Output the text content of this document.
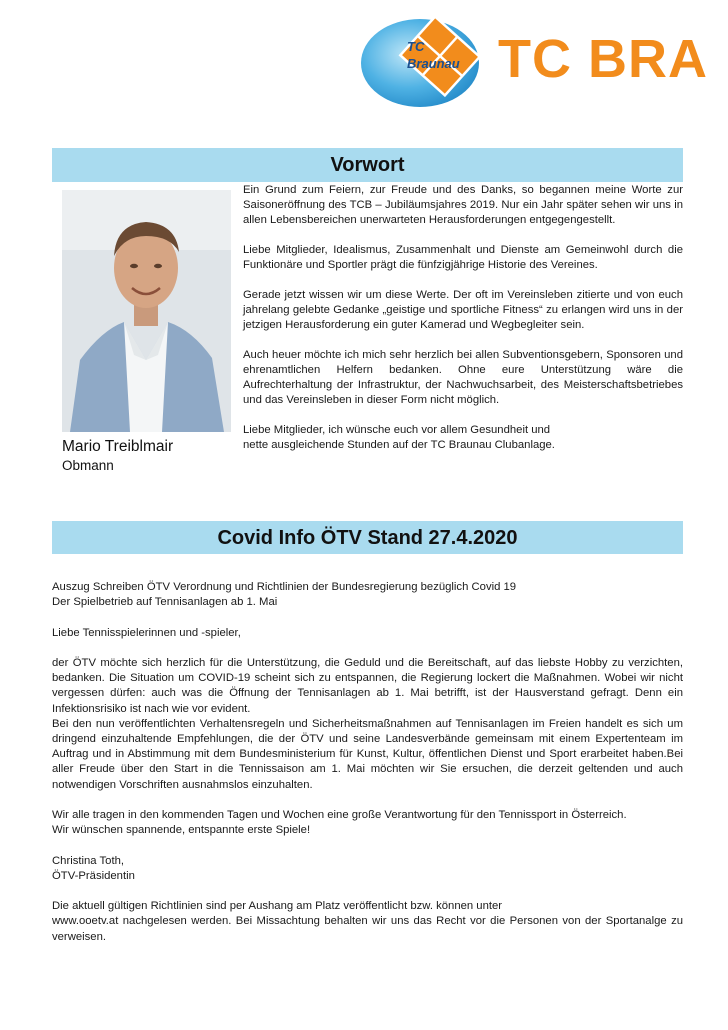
TC
Braunau TC BRA
Vorwort
Mario Treiblmair
Obmann

Ein Grund zum Feiern, zur Freude und des Danks, so begannen meine Worte zur Saisoneröffnung des TCB – Jubiläumsjahres 2019. Nur ein Jahr später sehen wir uns in allen Lebensbereichen unerwarteten Herausforderungen entgegengestellt.

Liebe Mitglieder, Idealismus, Zusammenhalt und Dienste am Gemeinwohl durch die Funktionäre und Sportler prägt die fünfzigjährige Historie des Vereines.

Gerade jetzt wissen wir um diese Werte. Der oft im Vereinsleben zitierte und von euch jahrelang gelebte Gedanke „geistige und sportliche Fitness“ zu erlangen wird uns in der jetzigen Herausforderung ein guter Kamerad und Wegbegleiter sein.

Auch heuer möchte ich mich sehr herzlich bei allen Subventionsgebern, Sponsoren und ehrenamtlichen Helfern bedanken. Ohne eure Unterstützung wäre die Aufrechterhaltung der Infrastruktur, der Nachwuchsarbeit, des Meisterschaftsbetriebes und das Vereinsleben in dieser Form nicht möglich.

Liebe Mitglieder, ich wünsche euch vor allem Gesundheit und
nette ausgleichende Stunden auf der TC Braunau Clubanlage.

Covid Info ÖTV Stand 27.4.2020

Auszug Schreiben ÖTV Verordnung und Richtlinien der Bundesregierung bezüglich Covid 19
Der Spielbetrieb auf Tennisanlagen ab 1. Mai

Liebe Tennisspielerinnen und -spieler,

der ÖTV möchte sich herzlich für die Unterstützung, die Geduld und die Bereitschaft, auf das liebste Hobby zu verzichten, bedanken. Die Situation um COVID-19 scheint sich zu entspannen, die Regierung lockert die Maßnahmen. Wobei wir nicht vergessen dürfen: auch was die Öffnung der Tennisanlagen ab 1. Mai betrifft, ist der Hausverstand gefragt. Denn ein Infektionsrisiko ist nach wie vor evident.

Bei den nun veröffentlichten Verhaltensregeln und Sicherheitsmaßnahmen auf Tennisanlagen im Freien handelt es sich um dringend einzuhaltende Empfehlungen, die der ÖTV und seine Landesverbände gemeinsam mit einem Expertenteam im Auftrag und in Abstimmung mit dem Bundesministerium für Kunst, Kultur, öffentlichen Dienst und Sport erarbeitet haben.Bei aller Freude über den Start in die Tennissaison am 1. Mai möchten wir Sie ersuchen, die derzeit geltenden und auch notwendigen Vorschriften ausnahmslos einzuhalten.

Wir alle tragen in den kommenden Tagen und Wochen eine große Verantwortung für den Tennissport in Österreich.
Wir wünschen spannende, entspannte erste Spiele!

Christina Toth,
ÖTV-Präsidentin

Die aktuell gültigen Richtlinien sind per Aushang am Platz veröffentlicht bzw. können unter
www.ooetv.at nachgelesen werden. Bei Missachtung behalten wir uns das Recht vor die Personen von der Sportanalge zu verweisen.
